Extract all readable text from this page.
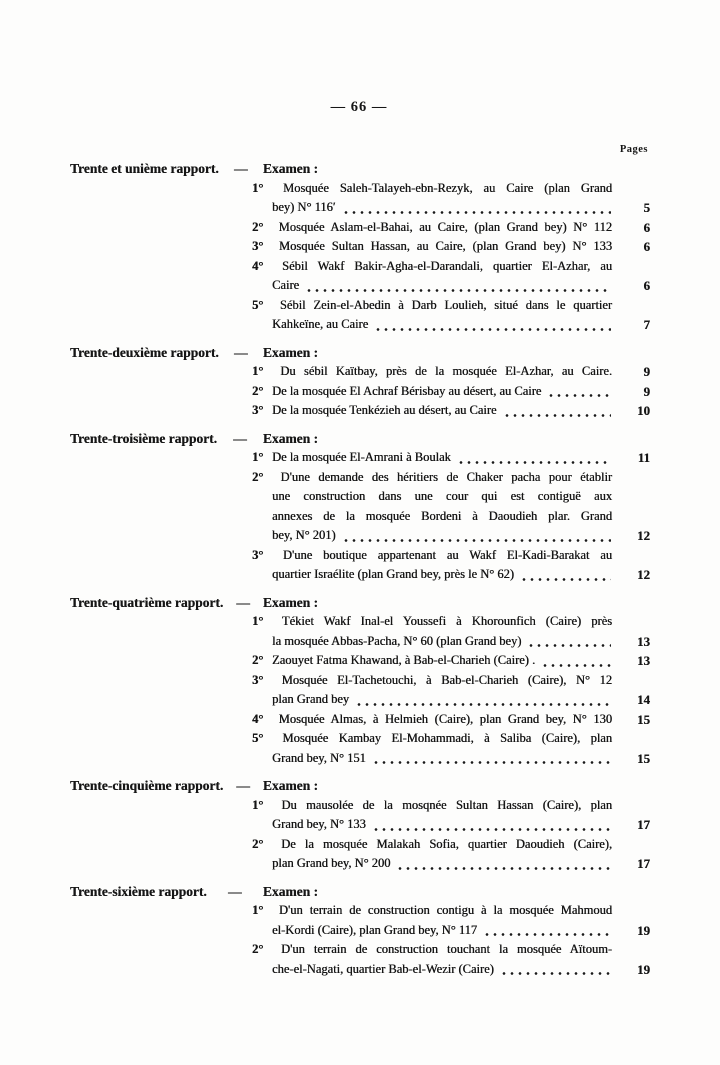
— 66 —
Pages
Trente et unième rapport.	—	Examen :
1° Mosquée Saleh-Talayeh-ebn-Rezyk, au Caire (plan Grand
bey) N° 116′	5
2° Mosquée Aslam-el-Bahai, au Caire, (plan Grand bey) N° 112	6
3° Mosquée Sultan Hassan, au Caire, (plan Grand bey) N° 133	6
4° Sébil Wakf Bakir-Agha-el-Darandali, quartier El-Azhar, au
Caire	6
5° Sébil Zein-el-Abedin à Darb Loulieh, situé dans le quartier
Kahkeïne, au Caire	7
Trente-deuxième rapport.	—	Examen :
1° Du sébil Kaïtbay, près de la mosquée El-Azhar, au Caire.	9
2° De la mosquée El Achraf Bérisbay au désert, au Caire	9
3° De la mosquée Tenkézieh au désert, au Caire	10
Trente-troisième rapport.	—	Examen :
1° De la mosquée El-Amrani à Boulak	11
2° D'une demande des héritiers de Chaker pacha pour établir
une construction dans une cour qui est contiguë aux
annexes de la mosquée Bordeni à Daoudieh plar. Grand
bey, N° 201)	12
3° D'une boutique appartenant au Wakf El-Kadi-Barakat au
quartier Israélite (plan Grand bey, près le N° 62)	12
Trente-quatrième rapport. — Examen :
1° Tékiet Wakf Inal-el Youssefi à Khorounfich (Caire) près
la mosquée Abbas-Pacha, N° 60 (plan Grand bey)	13
2° Zaouyet Fatma Khawand, à Bab-el-Charieh (Caire) .	13
3° Mosquée El-Tachetouchi, à Bab-el-Charieh (Caire), N° 12
plan Grand bey	14
4° Mosquée Almas, à Helmieh (Caire), plan Grand bey, N° 130	15
5° Mosquée Kambay El-Mohammadi, à Saliba (Caire), plan
Grand bey, N° 151	15
Trente-cinquième rapport. — Examen :
1° Du mausolée de la mosqnée Sultan Hassan (Caire), plan
Grand bey, N° 133	17
2° De la mosquée Malakah Sofia, quartier Daoudieh (Caire),
plan Grand bey, N° 200	17
Trente-sixième rapport.	—	Examen :
1° D'un terrain de construction contigu à la mosquée Mahmoud
el-Kordi (Caire), plan Grand bey, N° 117	19
2° D'un terrain de construction touchant la mosquée Aïtoum-
che-el-Nagati, quartier Bab-el-Wezir (Caire)	19
